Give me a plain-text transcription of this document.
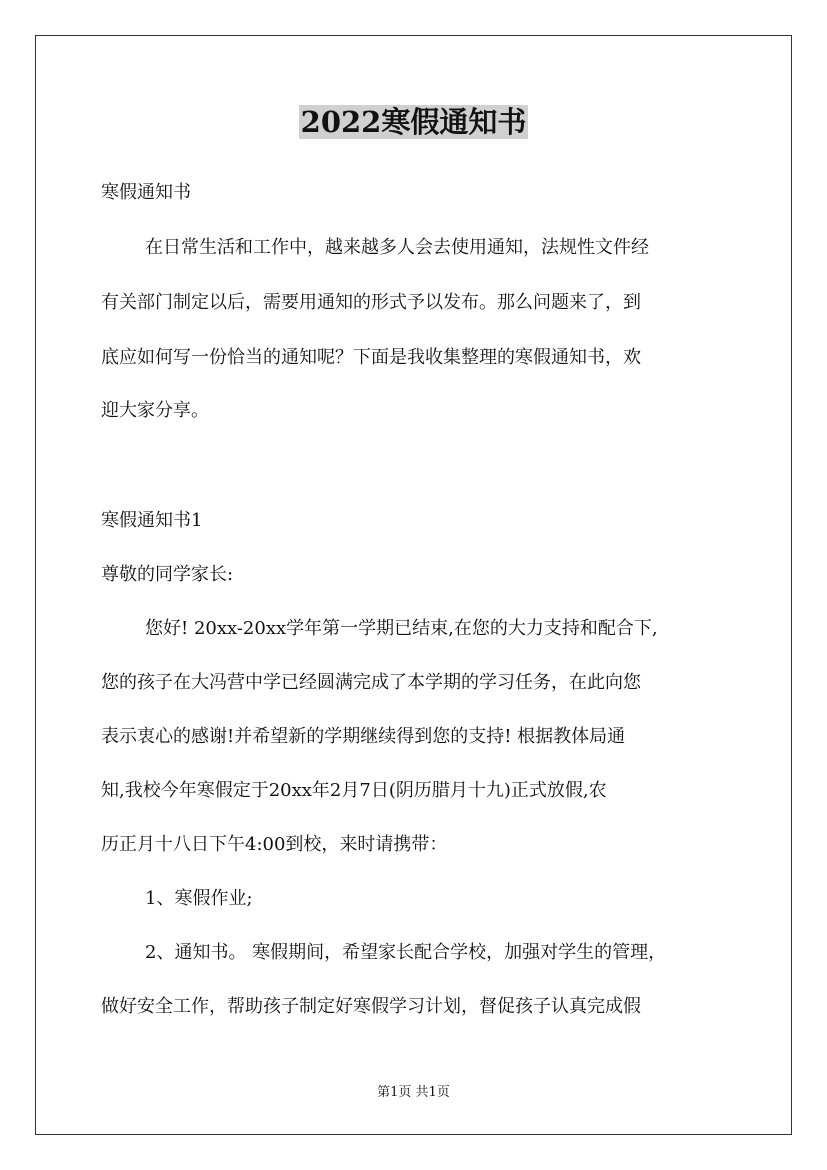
2022寒假通知书
寒假通知书
在日常生活和工作中，越来越多人会去使用通知，法规性文件经
有关部门制定以后，需要用通知的形式予以发布。那么问题来了，到
底应如何写一份恰当的通知呢？下面是我收集整理的寒假通知书，欢
迎大家分享。
寒假通知书1
尊敬的同学家长:
您好! 20xx-20xx学年第一学期已结束,在您的大力支持和配合下,
您的孩子在大冯营中学已经圆满完成了本学期的学习任务，在此向您
表示衷心的感谢!并希望新的学期继续得到您的支持! 根据教体局通
知,我校今年寒假定于20xx年2月7日(阴历腊月十九)正式放假,农
历正月十八日下午4:00到校，来时请携带：
1、寒假作业;
2、通知书。 寒假期间，希望家长配合学校，加强对学生的管理，
做好安全工作，帮助孩子制定好寒假学习计划，督促孩子认真完成假
第1页 共1页
